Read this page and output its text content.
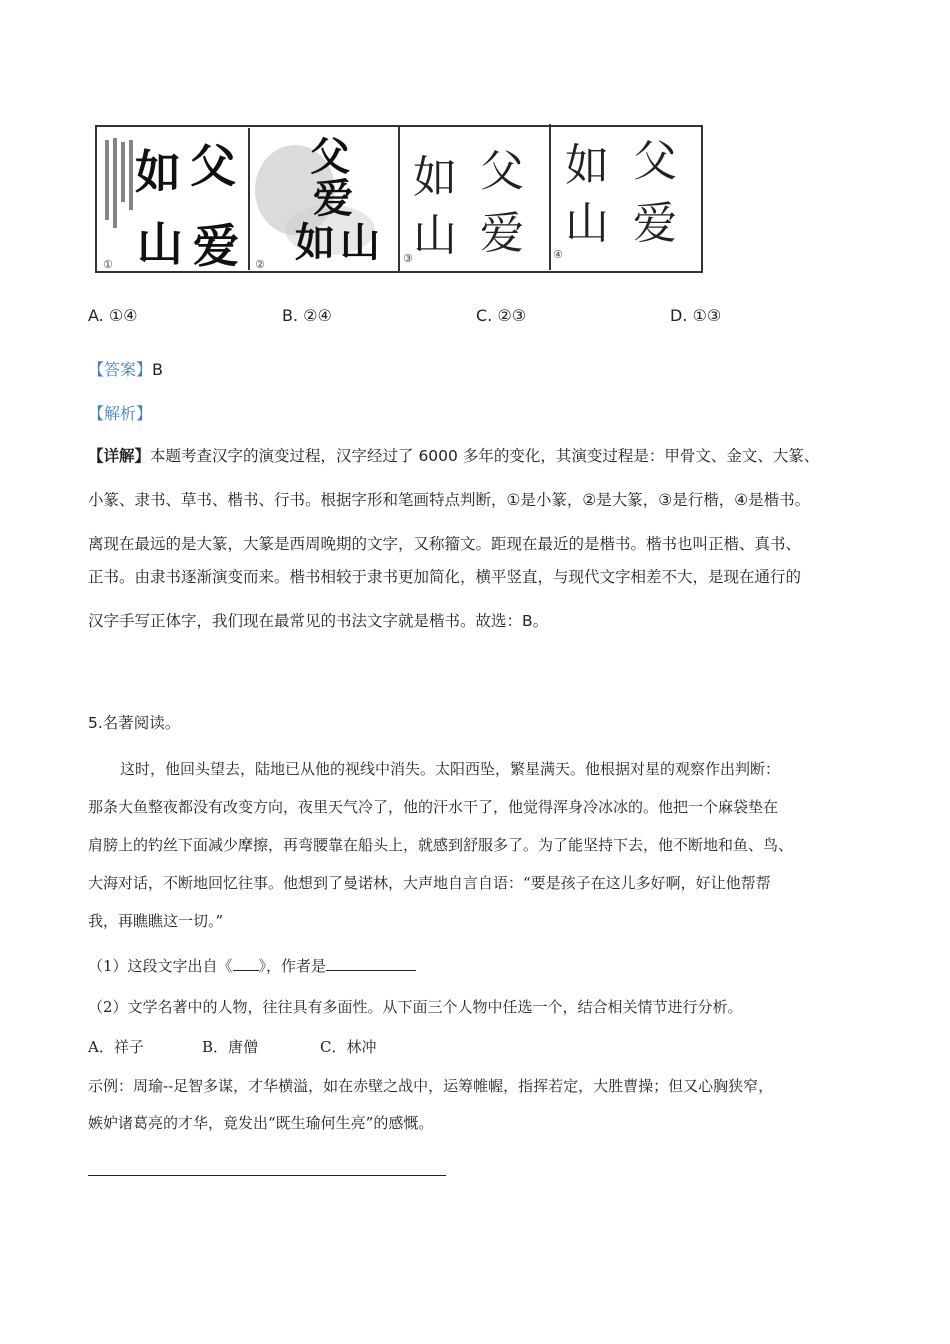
父
如
山 爱
①
父
爱
如 山
②
父
如
爱
山
③
父
如
爱
山
④
A. ①④	B. ②④	C. ②③	D. ①③
【答案】B
【解析】
【详解】本题考查汉字的演变过程，汉字经过了 6000 多年的变化，其演变过程是：甲骨文、金文、大篆、
小篆、隶书、草书、楷书、行书。根据字形和笔画特点判断，①是小篆，②是大篆，③是行楷，④是楷书。
离现在最远的是大篆，大篆是西周晚期的文字，又称籀文。距现在最近的是楷书。楷书也叫正楷、真书、
正书。由隶书逐渐演变而来。楷书相较于隶书更加简化，横平竖直，与现代文字相差不大，是现在通行的
汉字手写正体字，我们现在最常见的书法文字就是楷书。故选：B。
5.名著阅读。
这时，他回头望去，陆地已从他的视线中消失。太阳西坠，繁星满天。他根据对星的观察作出判断：
那条大鱼整夜都没有改变方向，夜里天气冷了，他的汗水干了，他觉得浑身冷冰冰的。他把一个麻袋垫在
肩膀上的钓丝下面减少摩擦，再弯腰靠在船头上，就感到舒服多了。为了能坚持下去，他不断地和鱼、鸟、
大海对话，不断地回忆往事。他想到了曼诺林，大声地自言自语：“要是孩子在这儿多好啊，好让他帮帮
我，再瞧瞧这一切。”
（1）这段文字出自《 》，作者是
（2）文学名著中的人物，往往具有多面性。从下面三个人物中任选一个，结合相关情节进行分析。
A．祥子	B．唐僧	C．林冲
示例：周瑜--足智多谋，才华横溢，如在赤壁之战中，运筹帷幄，指挥若定，大胜曹操；但又心胸狭窄，
嫉妒诸葛亮的才华，竟发出“既生瑜何生亮”的感慨。
